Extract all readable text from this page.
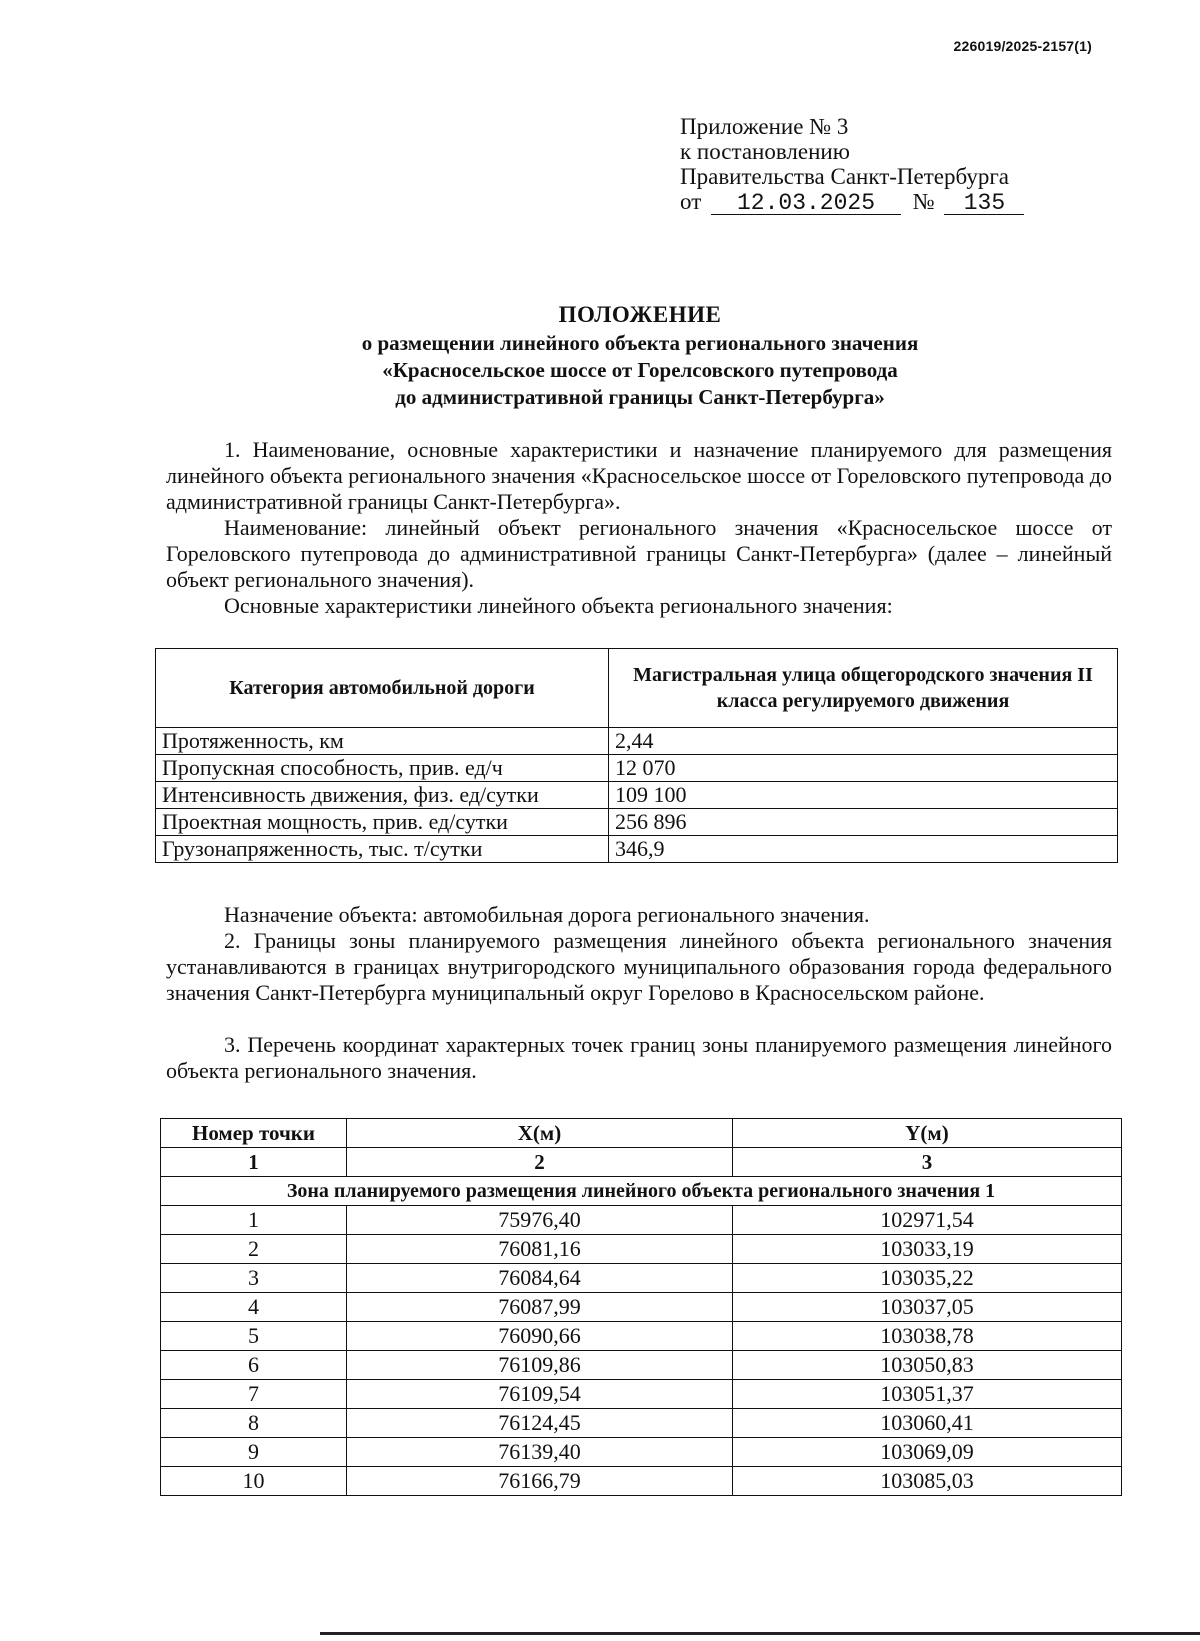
226019/2025-2157(1)
Приложение № 3
к постановлению
Правительства Санкт-Петербурга
от 12.03.2025 № 135
ПОЛОЖЕНИЕ
о размещении линейного объекта регионального значения
«Красносельское шоссе от Горелсовского путепровода
до административной границы Санкт-Петербурга»
1. Наименование, основные характеристики и назначение планируемого для размещения линейного объекта регионального значения «Красносельское шоссе от Гореловского путепровода до административной границы Санкт-Петербурга».
Наименование: линейный объект регионального значения «Красносельское шоссе от Гореловского путепровода до административной границы Санкт-Петербурга» (далее – линейный объект регионального значения).
Основные характеристики линейного объекта регионального значения:
Категория автомобильной дороги	Магистральная улица общегородского значения II класса регулируемого движения
Протяженность, км	2,44
Пропускная способность, прив. ед/ч	12 070
Интенсивность движения, физ. ед/сутки	109 100
Проектная мощность, прив. ед/сутки	256 896
Грузонапряженность, тыс. т/сутки	346,9
Назначение объекта: автомобильная дорога регионального значения.
2. Границы зоны планируемого размещения линейного объекта регионального значения устанавливаются в границах внутригородского муниципального образования города федерального значения Санкт-Петербурга муниципальный округ Горелово в Красносельском районе.
3. Перечень координат характерных точек границ зоны планируемого размещения линейного объекта регионального значения.
Номер точки	X(м)	Y(м)
1	2	3
Зона планируемого размещения линейного объекта регионального значения 1		
1	75976,40	102971,54
2	76081,16	103033,19
3	76084,64	103035,22
4	76087,99	103037,05
5	76090,66	103038,78
6	76109,86	103050,83
7	76109,54	103051,37
8	76124,45	103060,41
9	76139,40	103069,09
10	76166,79	103085,03
